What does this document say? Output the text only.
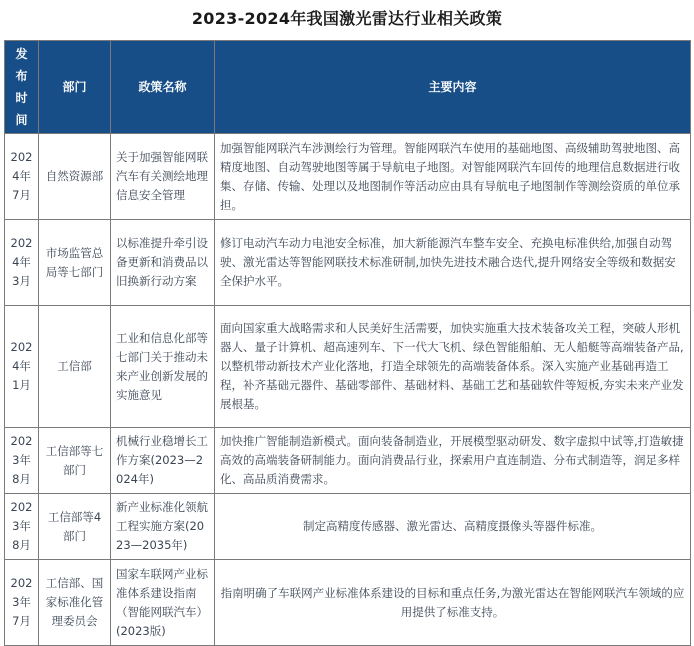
2023-2024年我国激光雷达行业相关政策
发布时间	部门	政策名称	主要内容
2024年7月	自然资源部	关于加强智能网联汽车有关测绘地理信息安全管理	加强智能网联汽车涉测绘行为管理。智能网联汽车使用的基础地图、高级辅助驾驶地图、高精度地图、自动驾驶地图等属于导航电子地图。对智能网联汽车回传的地理信息数据进行收集、存储、传输、处理以及地图制作等活动应由具有导航电子地图制作等测绘资质的单位承担。
2024年3月	市场监管总局等七部门	以标准提升牵引设备更新和消费品以旧换新行动方案	修订电动汽车动力电池安全标准，加大新能源汽车整车安全、充换电标准供给,加强自动驾驶、激光雷达等智能网联技术标准研制,加快先进技术融合迭代,提升网络安全等级和数据安全保护水平。
2024年1月	工信部	工业和信息化部等七部门关于推动未来产业创新发展的实施意见	面向国家重大战略需求和人民美好生活需要，加快实施重大技术装备攻关工程，突破人形机器人、量子计算机、超高速列车、下一代大飞机、绿色智能船舶、无人船艇等高端装备产品,以整机带动新技术产业化落地，打造全球领先的高端装备体系。深入实施产业基础再造工程，补齐基础元器件、基础零部件、基础材料、基础工艺和基础软件等短板,夯实未来产业发展根基。
2023年8月	工信部等七部门	机械行业稳增长工作方案(2023—2024年)	加快推广智能制造新模式。面向装备制造业，开展模型驱动研发、数字虚拟中试等,打造敏捷高效的高端装备研制能力。面向消费品行业，探索用户直连制造、分布式制造等，润足多样化、高品质消费需求。
2023年8月	工信部等4部门	新产业标准化领航工程实施方案(2023—2035年)	制定高精度传感器、激光雷达、高精度摄像头等器件标准。
2023年7月	工信部、国家标准化管理委员会	国家车联网产业标准体系建设指南（智能网联汽车）(2023版)	指南明确了车联网产业标准体系建设的目标和重点任务,为激光雷达在智能网联汽车领域的应用提供了标准支持。
